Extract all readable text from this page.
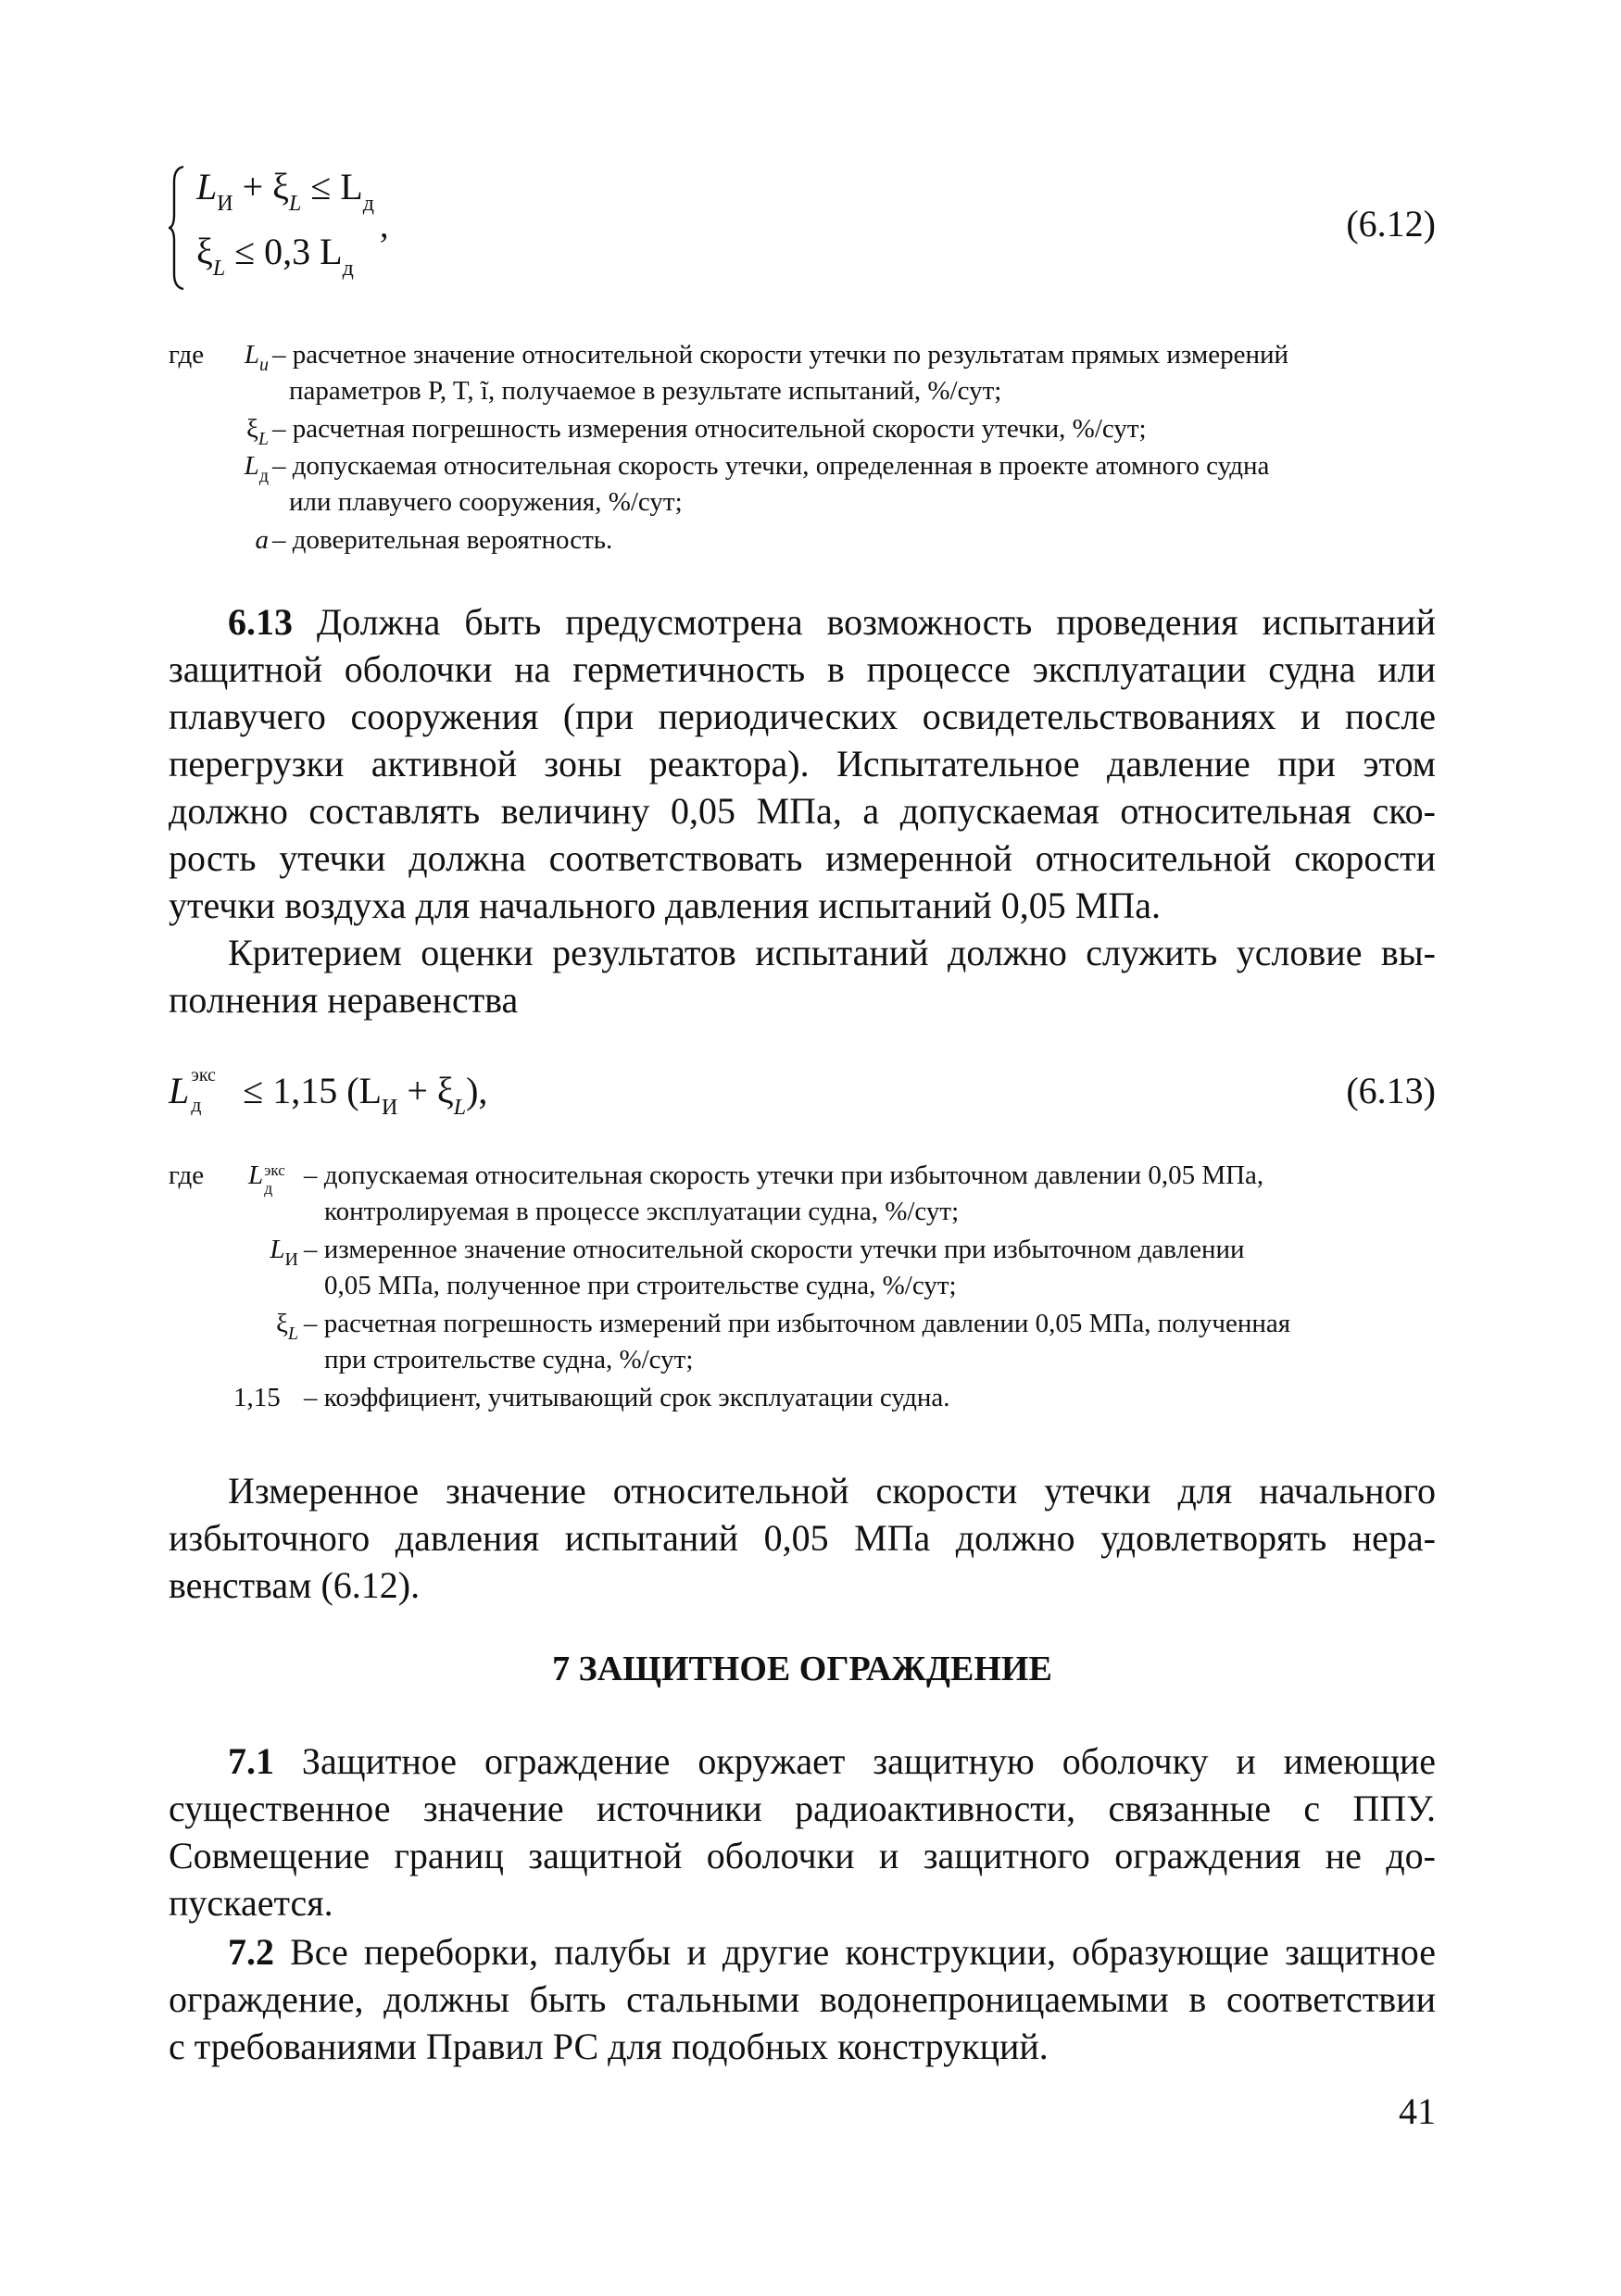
$L_И + \xi_L \le L_д$
,
$\xi_L \le 0,3$ $L_д$
(6.12)
где	$L_и$ – расчетное значение относительной скорости утечки по результатам прямых измерений
параметров P, T, ĩ, получаемое в результате испытаний, %/сут;
$\xi_L$ – расчетная погрешность измерения относительной скорости утечки, %/сут;
$L_д$ – допускаемая относительная скорость утечки, определенная в проекте атомного судна
или плавучего сооружения, %/сут;
a – доверительная вероятность.
6.13 Должна быть предусмотрена возможность проведения испытаний
защитной оболочки на герметичность в процессе эксплуатации судна или
плавучего сооружения (при периодических освидетельствованиях и после
перегрузки активной зоны реактора). Испытательное давление при этом
должно составлять величину 0,05 МПа, а допускаемая относительная ско-
рость утечки должна соответствовать измеренной относительной скорости
утечки воздуха для начального давления испытаний 0,05 МПа.
Критерием оценки результатов испытаний должно служить условие вы-
полнения неравенства
L экс
д ≤ 1,15 $(L_И + \xi_L)$,	(6.13)
где	L экс
д – допускаемая относительная скорость утечки при избыточном давлении 0,05 МПа,
контролируемая в процессе эксплуатации судна, %/сут;
$L_И$ – измеренное значение относительной скорости утечки при избыточном давлении
0,05 МПа, полученное при строительстве судна, %/сут;
$\xi_L$ – расчетная погрешность измерений при избыточном давлении 0,05 МПа, полученная
при строительстве судна, %/сут;
1,15 – коэффициент, учитывающий срок эксплуатации судна.
Измеренное значение относительной скорости утечки для начального
избыточного давления испытаний 0,05 МПа должно удовлетворять нера-
венствам (6.12).
7 ЗАЩИТНОЕ ОГРАЖДЕНИЕ
7.1 Защитное ограждение окружает защитную оболочку и имеющие
существенное значение источники радиоактивности, связанные с ППУ.
Совмещение границ защитной оболочки и защитного ограждения не до-
пускается.
7.2 Все переборки, палубы и другие конструкции, образующие защитное
ограждение, должны быть стальными водонепроницаемыми в соответствии
с требованиями Правил РС для подобных конструкций.
41
